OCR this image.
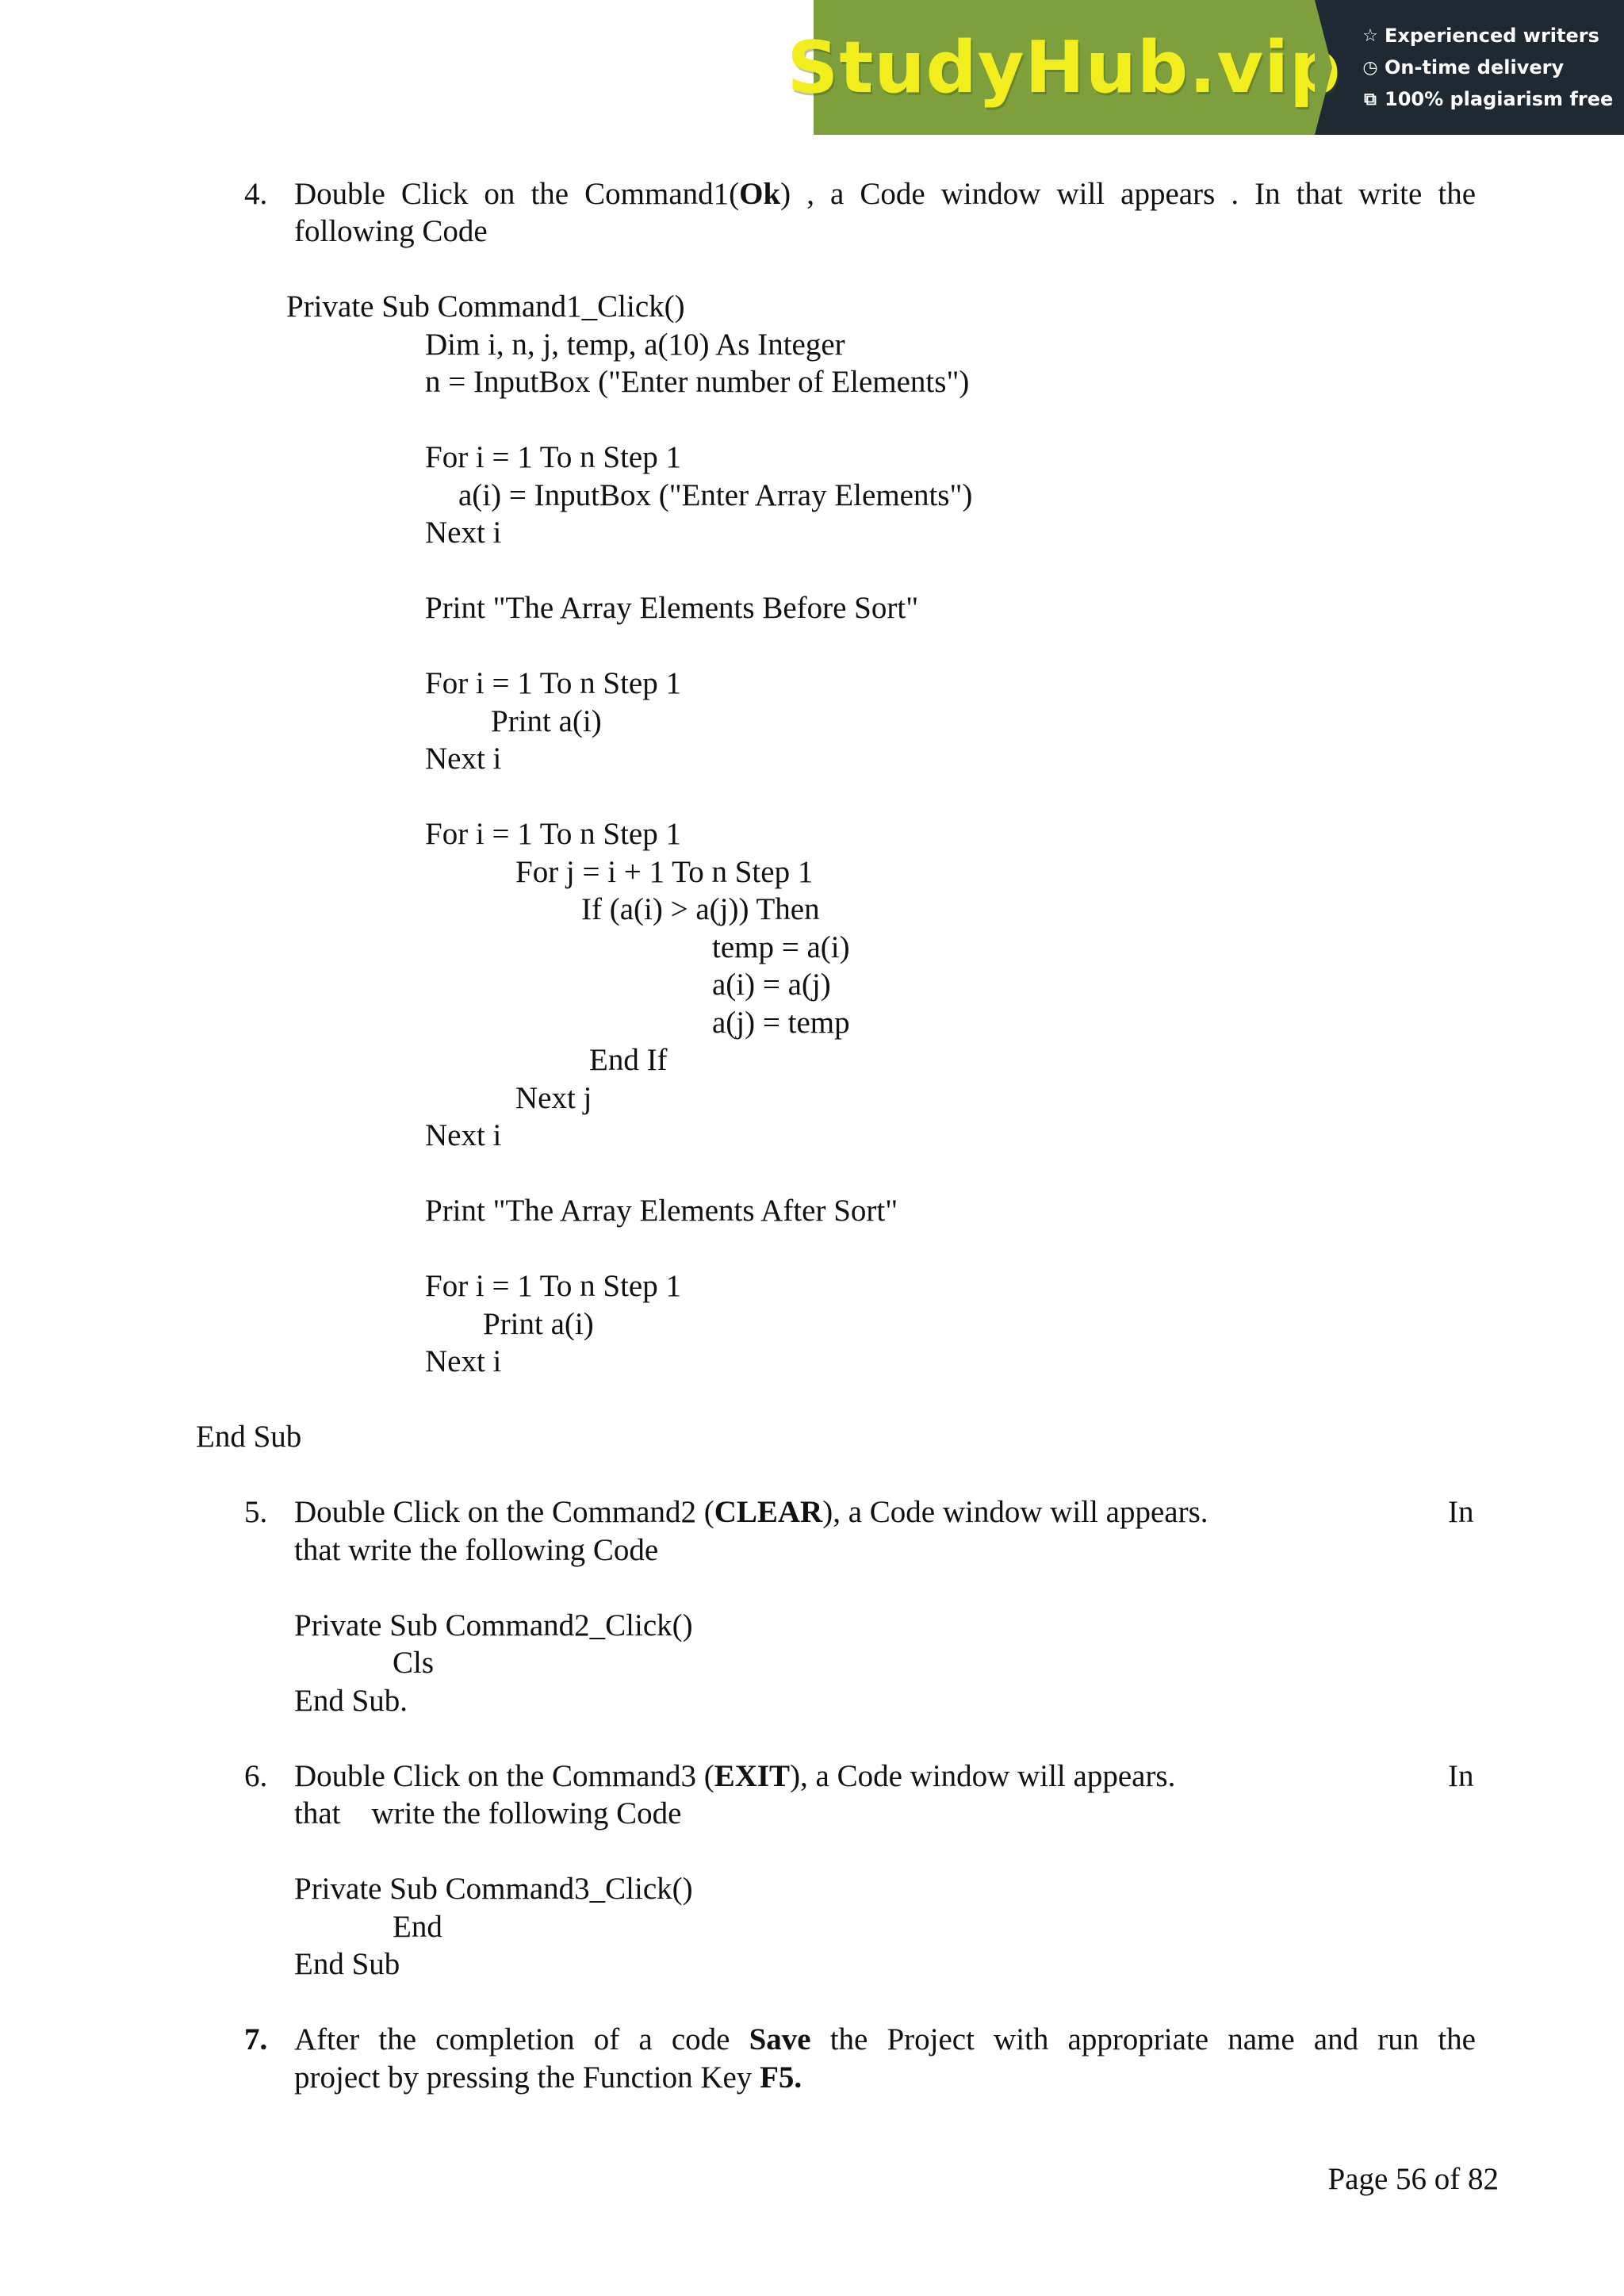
StudyHub.vip ☆ Experienced writers
◷ On-time delivery
⧉ 100% plagiarism free
4. Double Click on the Command1(Ok) , a Code window will appears . In that write the
following Code
Private Sub Command1_Click()
Dim i, n, j, temp, a(10) As Integer
n = InputBox ("Enter number of Elements")
For i = 1 To n Step 1
a(i) = InputBox ("Enter Array Elements")
Next i
Print "The Array Elements Before Sort"
For i = 1 To n Step 1
Print a(i)
Next i
For i = 1 To n Step 1
For j = i + 1 To n Step 1
If (a(i) > a(j)) Then
temp = a(i)
a(i) = a(j)
a(j) = temp
End If
Next j
Next i
Print "The Array Elements After Sort"
For i = 1 To n Step 1
Print a(i)
Next i
End Sub
5. Double Click on the Command2 (CLEAR), a Code window will appears.	In
that write the following Code
Private Sub Command2_Click()
Cls
End Sub.
6. Double Click on the Command3 (EXIT), a Code window will appears.	In
that    write the following Code
Private Sub Command3_Click()
End
End Sub
7. After the completion of a code Save the Project with appropriate name and run the
project by pressing the Function Key F5.
Page 56 of 82
